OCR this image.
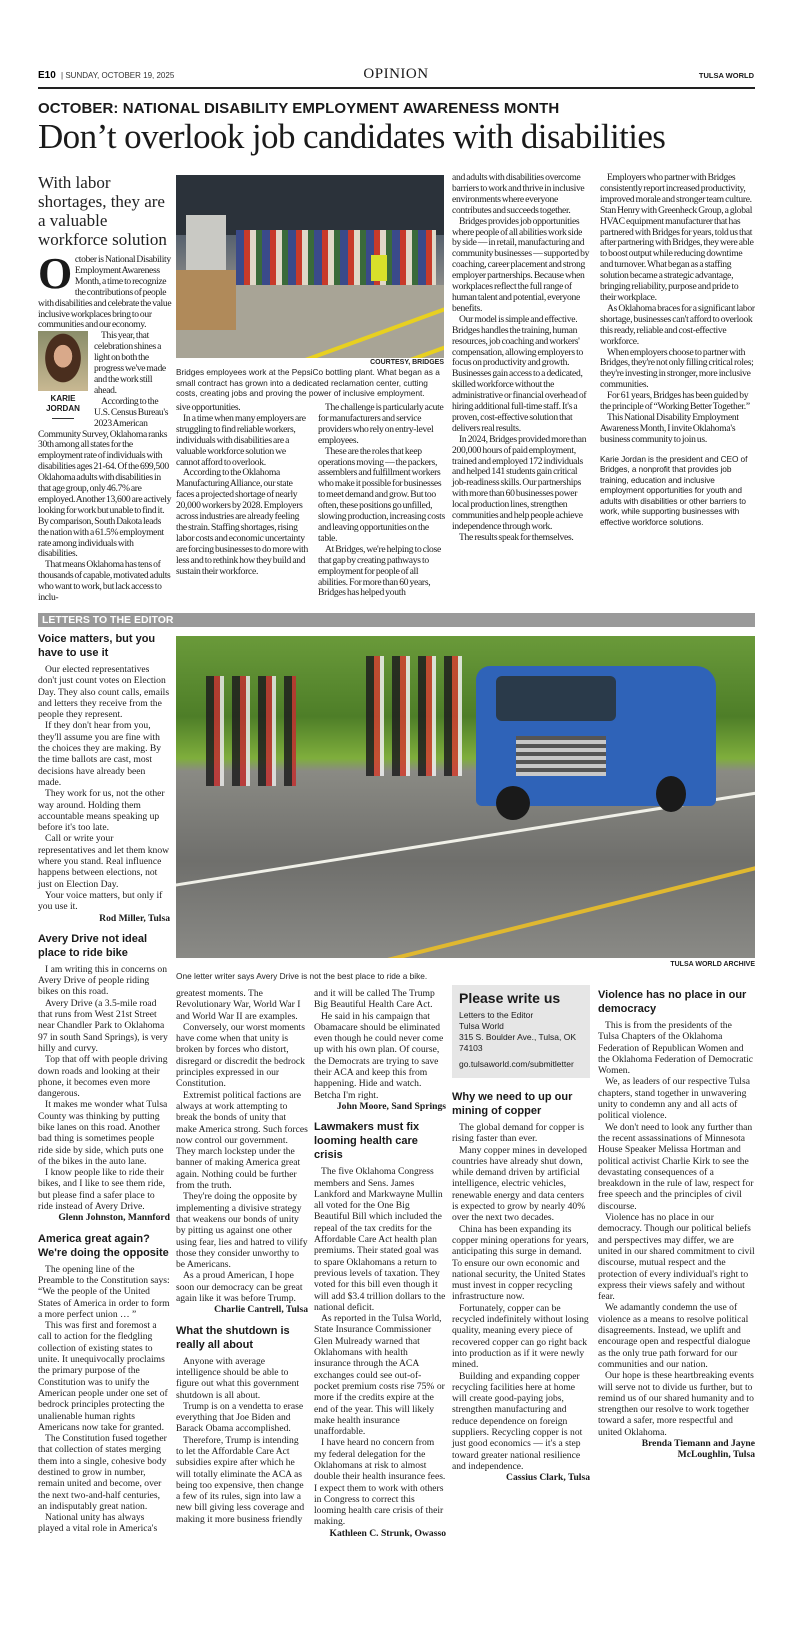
E10 | SUNDAY, OCTOBER 19, 2025	OPINION	TULSA WORLD
OCTOBER: NATIONAL DISABILITY EMPLOYMENT AWARENESS MONTH
Don’t overlook job candidates with disabilities
With labor shortages, they are a valuable workforce solution

October is National Disability Employment Awareness Month, a time to recognize the contributions of people with disabilities and celebrate the value inclusive workplaces bring to our communities and our economy.

KARIE JORDAN

This year, that celebration shines a light on both the progress we've made and the work still ahead.

According to the U.S. Census Bureau's 2023 American Community Survey, Oklahoma ranks 30th among all states for the employment rate of individuals with disabilities ages 21-64. Of the 699,500 Oklahoma adults with disabilities in that age group, only 46.7% are employed. Another 13,600 are actively looking for work but unable to find it. By comparison, South Dakota leads the nation with a 61.5% employment rate among individuals with disabilities.

That means Oklahoma has tens of thousands of capable, motivated adults who want to work, but lack access to inclu-

COURTESY, BRIDGES
Bridges employees work at the PepsiCo bottling plant. What began as a small contract has grown into a dedicated reclamation center, cutting costs, creating jobs and proving the power of inclusive employment.

sive opportunities.

In a time when many employers are struggling to find reliable workers, individuals with disabilities are a valuable workforce solution we cannot afford to overlook.

According to the Oklahoma Manufacturing Alliance, our state faces a projected shortage of nearly 20,000 workers by 2028. Employers across industries are already feeling the strain. Staffing shortages, rising labor costs and economic uncertainty are forcing businesses to do more with less and to rethink how they build and sustain their workforce.

The challenge is particularly acute for manufacturers and service providers who rely on entry-level employees.

These are the roles that keep operations moving — the packers, assemblers and fulfillment workers who make it possible for businesses to meet demand and grow. But too often, these positions go unfilled, slowing production, increasing costs and leaving opportunities on the table.

At Bridges, we're helping to close that gap by creating pathways to employment for people of all abilities. For more than 60 years, Bridges has helped youth

and adults with disabilities overcome barriers to work and thrive in inclusive environments where everyone contributes and succeeds together.

Bridges provides job opportunities where people of all abilities work side by side — in retail, manufacturing and community businesses — supported by coaching, career placement and strong employer partnerships. Because when workplaces reflect the full range of human talent and potential, everyone benefits.

Our model is simple and effective. Bridges handles the training, human resources, job coaching and workers' compensation, allowing employers to focus on productivity and growth. Businesses gain access to a dedicated, skilled workforce without the administrative or financial overhead of hiring additional full-time staff. It's a proven, cost-effective solution that delivers real results.

In 2024, Bridges provided more than 200,000 hours of paid employment, trained and employed 172 individuals and helped 141 students gain critical job-readiness skills. Our partnerships with more than 60 businesses power local production lines, strengthen communities and help people achieve independence through work.

The results speak for themselves.

Employers who partner with Bridges consistently report increased productivity, improved morale and stronger team culture. Stan Henry with Greenheck Group, a global HVAC equipment manufacturer that has partnered with Bridges for years, told us that after partnering with Bridges, they were able to boost output while reducing downtime and turnover. What began as a staffing solution became a strategic advantage, bringing reliability, purpose and pride to their workplace.

As Oklahoma braces for a significant labor shortage, businesses can't afford to overlook this ready, reliable and cost-effective workforce.

When employers choose to partner with Bridges, they're not only filling critical roles; they're investing in stronger, more inclusive communities.

For 61 years, Bridges has been guided by the principle of “Working Better Together.”

This National Disability Employment Awareness Month, I invite Oklahoma's business community to join us.

Karie Jordan is the president and CEO of Bridges, a nonprofit that provides job training, education and inclusive employment opportunities for youth and adults with disabilities or other barriers to work, while supporting businesses with effective workforce solutions.
LETTERS TO THE EDITOR
Voice matters, but you have to use it

Our elected representatives don't just count votes on Election Day. They also count calls, emails and letters they receive from the people they represent.

If they don't hear from you, they'll assume you are fine with the choices they are making. By the time ballots are cast, most decisions have already been made.

They work for us, not the other way around. Holding them accountable means speaking up before it's too late.

Call or write your representatives and let them know where you stand. Real influence happens between elections, not just on Election Day.

Your voice matters, but only if you use it.

Rod Miller, Tulsa
Avery Drive not ideal place to ride bike

I am writing this in concerns on Avery Drive of people riding bikes on this road.

Avery Drive (a 3.5-mile road that runs from West 21st Street near Chandler Park to Oklahoma 97 in south Sand Springs), is very hilly and curvy.

Top that off with people driving down roads and looking at their phone, it becomes even more dangerous.

It makes me wonder what Tulsa County was thinking by putting bike lanes on this road. Another bad thing is sometimes people ride side by side, which puts one of the bikes in the auto lane.

I know people like to ride their bikes, and I like to see them ride, but please find a safer place to ride instead of Avery Drive.

Glenn Johnston, Mannford
America great again? We're doing the opposite

The opening line of the Preamble to the Constitution says: “We the people of the United States of America in order to form a more perfect union … ”

This was first and foremost a call to action for the fledgling collection of existing states to unite. It unequivocally proclaims the primary purpose of the Constitution was to unify the American people under one set of bedrock principles protecting the unalienable human rights Americans now take for granted.

The Constitution fused together that collection of states merging them into a single, cohesive body destined to grow in number, remain united and become, over the next two-and-half centuries, an indisputably great nation.

National unity has always played a vital role in America's

TULSA WORLD ARCHIVE
One letter writer says Avery Drive is not the best place to ride a bike.

greatest moments. The Revolutionary War, World War I and World War II are examples.

Conversely, our worst moments have come when that unity is broken by forces who distort, disregard or discredit the bedrock principles expressed in our Constitution.

Extremist political factions are always at work attempting to break the bonds of unity that make America strong. Such forces now control our government. They march lockstep under the banner of making America great again. Nothing could be further from the truth.

They're doing the opposite by implementing a divisive strategy that weakens our bonds of unity by pitting us against one other using fear, lies and hatred to vilify those they consider unworthy to be Americans.

As a proud American, I hope soon our democracy can be great again like it was before Trump.

Charlie Cantrell, Tulsa
What the shutdown is really all about

Anyone with average intelligence should be able to figure out what this government shutdown is all about.

Trump is on a vendetta to erase everything that Joe Biden and Barack Obama accomplished.

Therefore, Trump is intending to let the Affordable Care Act subsidies expire after which he will totally eliminate the ACA as being too expensive, then change a few of its rules, sign into law a new bill giving less coverage and making it more business friendly

and it will be called The Trump Big Beautiful Health Care Act.

He said in his campaign that Obamacare should be eliminated even though he could never come up with his own plan. Of course, the Democrats are trying to save their ACA and keep this from happening. Hide and watch. Betcha I'm right.

John Moore, Sand Springs
Lawmakers must fix looming health care crisis

The five Oklahoma Congress members and Sens. James Lankford and Markwayne Mullin all voted for the One Big Beautiful Bill which included the repeal of the tax credits for the Affordable Care Act health plan premiums. Their stated goal was to spare Oklahomans a return to previous levels of taxation. They voted for this bill even though it will add $3.4 trillion dollars to the national deficit.

As reported in the Tulsa World, State Insurance Commissioner Glen Mulready warned that Oklahomans with health insurance through the ACA exchanges could see out-of-pocket premium costs rise 75% or more if the credits expire at the end of the year. This will likely make health insurance unaffordable.

I have heard no concern from my federal delegation for the Oklahomans at risk to almost double their health insurance fees. I expect them to work with others in Congress to correct this looming health care crisis of their making.

Kathleen C. Strunk, Owasso
Please write us
Letters to the Editor
Tulsa World
315 S. Boulder Ave., Tulsa, OK 74103
go.tulsaworld.com/submitletter
Why we need to up our mining of copper

The global demand for copper is rising faster than ever.

Many copper mines in developed countries have already shut down, while demand driven by artificial intelligence, electric vehicles, renewable energy and data centers is expected to grow by nearly 40% over the next two decades.

China has been expanding its copper mining operations for years, anticipating this surge in demand. To ensure our own economic and national security, the United States must invest in copper recycling infrastructure now.

Fortunately, copper can be recycled indefinitely without losing quality, meaning every piece of recovered copper can go right back into production as if it were newly mined.

Building and expanding copper recycling facilities here at home will create good-paying jobs, strengthen manufacturing and reduce dependence on foreign suppliers. Recycling copper is not just good economics — it's a step toward greater national resilience and independence.

Cassius Clark, Tulsa
Violence has no place in our democracy

This is from the presidents of the Tulsa Chapters of the Oklahoma Federation of Republican Women and the Oklahoma Federation of Democratic Women.

We, as leaders of our respective Tulsa chapters, stand together in unwavering unity to condemn any and all acts of political violence.

We don't need to look any further than the recent assassinations of Minnesota House Speaker Melissa Hortman and political activist Charlie Kirk to see the devastating consequences of a breakdown in the rule of law, respect for free speech and the principles of civil discourse.

Violence has no place in our democracy. Though our political beliefs and perspectives may differ, we are united in our shared commitment to civil discourse, mutual respect and the protection of every individual's right to express their views safely and without fear.

We adamantly condemn the use of violence as a means to resolve political disagreements. Instead, we uplift and encourage open and respectful dialogue as the only true path forward for our communities and our nation.

Our hope is these heartbreaking events will serve not to divide us further, but to remind us of our shared humanity and to strengthen our resolve to work together toward a safer, more respectful and united Oklahoma.

Brenda Tiemann and Jayne McLoughlin, Tulsa
